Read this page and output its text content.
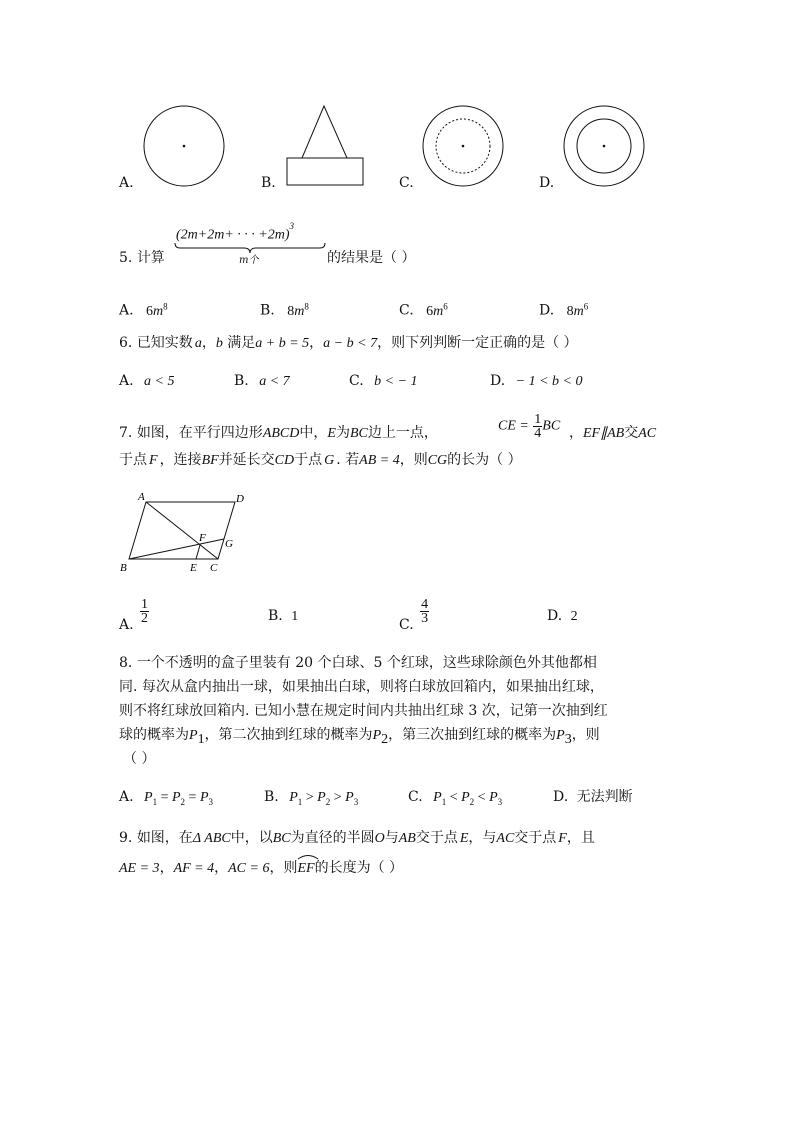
A.	B.	C.	D.
5. 计算
(2m+2m+ · · · +2m)$^3$
m个	的结果是（ ）
A. $6m^8$	B. $8m^8$	C. $6m^6$	D. $8m^6$
6. 已知实数 a，b 满足a + b = 5，a − b < 7，则下列判断一定正确的是（ ）
A. a < 5	B. a < 7	C. b < − 1	D. − 1 < b < 0
7. 如图，在平行四边形ABCD中，E为BC边上一点，	CE = $\frac{1}{4}$ BC ，EF∥AB交AC
于点 F ，连接BF并延长交CD于点 G . 若AB = 4，则CG的长为（ ）
A	D
B	E C
F G
A. $\frac{1}{2}$	B. 1	C. $\frac{4}{3}$	D. 2
8. 一个不透明的盒子里装有 20 个白球、5 个红球，这些球除颜色外其他都相
同. 每次从盒内抽出一球，如果抽出白球，则将白球放回箱内，如果抽出红球，
则不将红球放回箱内. 已知小慧在规定时间内共抽出红球 3 次，记第一次抽到红
球的概率为$P_1$，第二次抽到红球的概率为$P_2$，第三次抽到红球的概率为$P_3$，则
（ ）
A. $P_1 = P_2 = P_3$	B. $P_1 > P_2 > P_3$	C. $P_1 < P_2 < P_3$	D. 无法判断
9. 如图，在Δ ABC中，以BC为直径的半圆O与AB交于点 E，与AC交于点 F，且
AE = 3，AF = 4，AC = 6，则
EF的长度为（ ）
